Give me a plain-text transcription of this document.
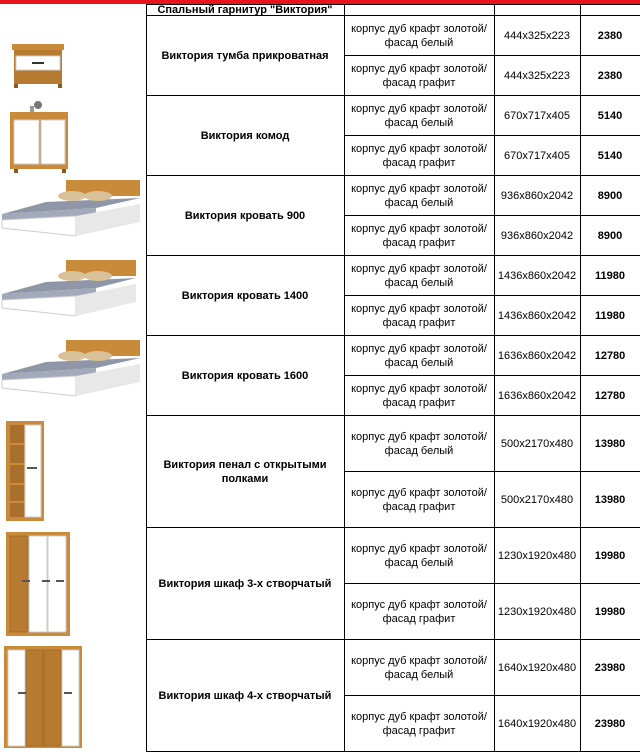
	Спальный гарнитур "Виктория"			

	Виктория тумба прикроватная	корпус дуб крафт золотой/ фасад белый	444x325x223	2380
		корпус дуб крафт золотой/ фасад графит	444x325x223	2380

	Виктория комод	корпус дуб крафт золотой/ фасад белый	670x717x405	5140
		корпус дуб крафт золотой/ фасад графит	670x717x405	5140

	Виктория кровать 900	корпус дуб крафт золотой/ фасад белый	936x860x2042	8900
		корпус дуб крафт золотой/ фасад графит	936x860x2042	8900

	Виктория кровать 1400	корпус дуб крафт золотой/ фасад белый	1436x860x2042	11980
		корпус дуб крафт золотой/ фасад графит	1436x860x2042	11980

	Виктория кровать 1600	корпус дуб крафт золотой/ фасад белый	1636x860x2042	12780
		корпус дуб крафт золотой/ фасад графит	1636x860x2042	12780

	Виктория пенал с открытыми полками	корпус дуб крафт золотой/ фасад белый	500x2170x480	13980
		корпус дуб крафт золотой/ фасад графит	500x2170x480	13980

	Виктория шкаф 3-х створчатый	корпус дуб крафт золотой/ фасад белый	1230x1920x480	19980
		корпус дуб крафт золотой/ фасад графит	1230x1920x480	19980

	Виктория шкаф 4-х створчатый	корпус дуб крафт золотой/ фасад белый	1640x1920x480	23980
		корпус дуб крафт золотой/ фасад графит	1640x1920x480	23980
